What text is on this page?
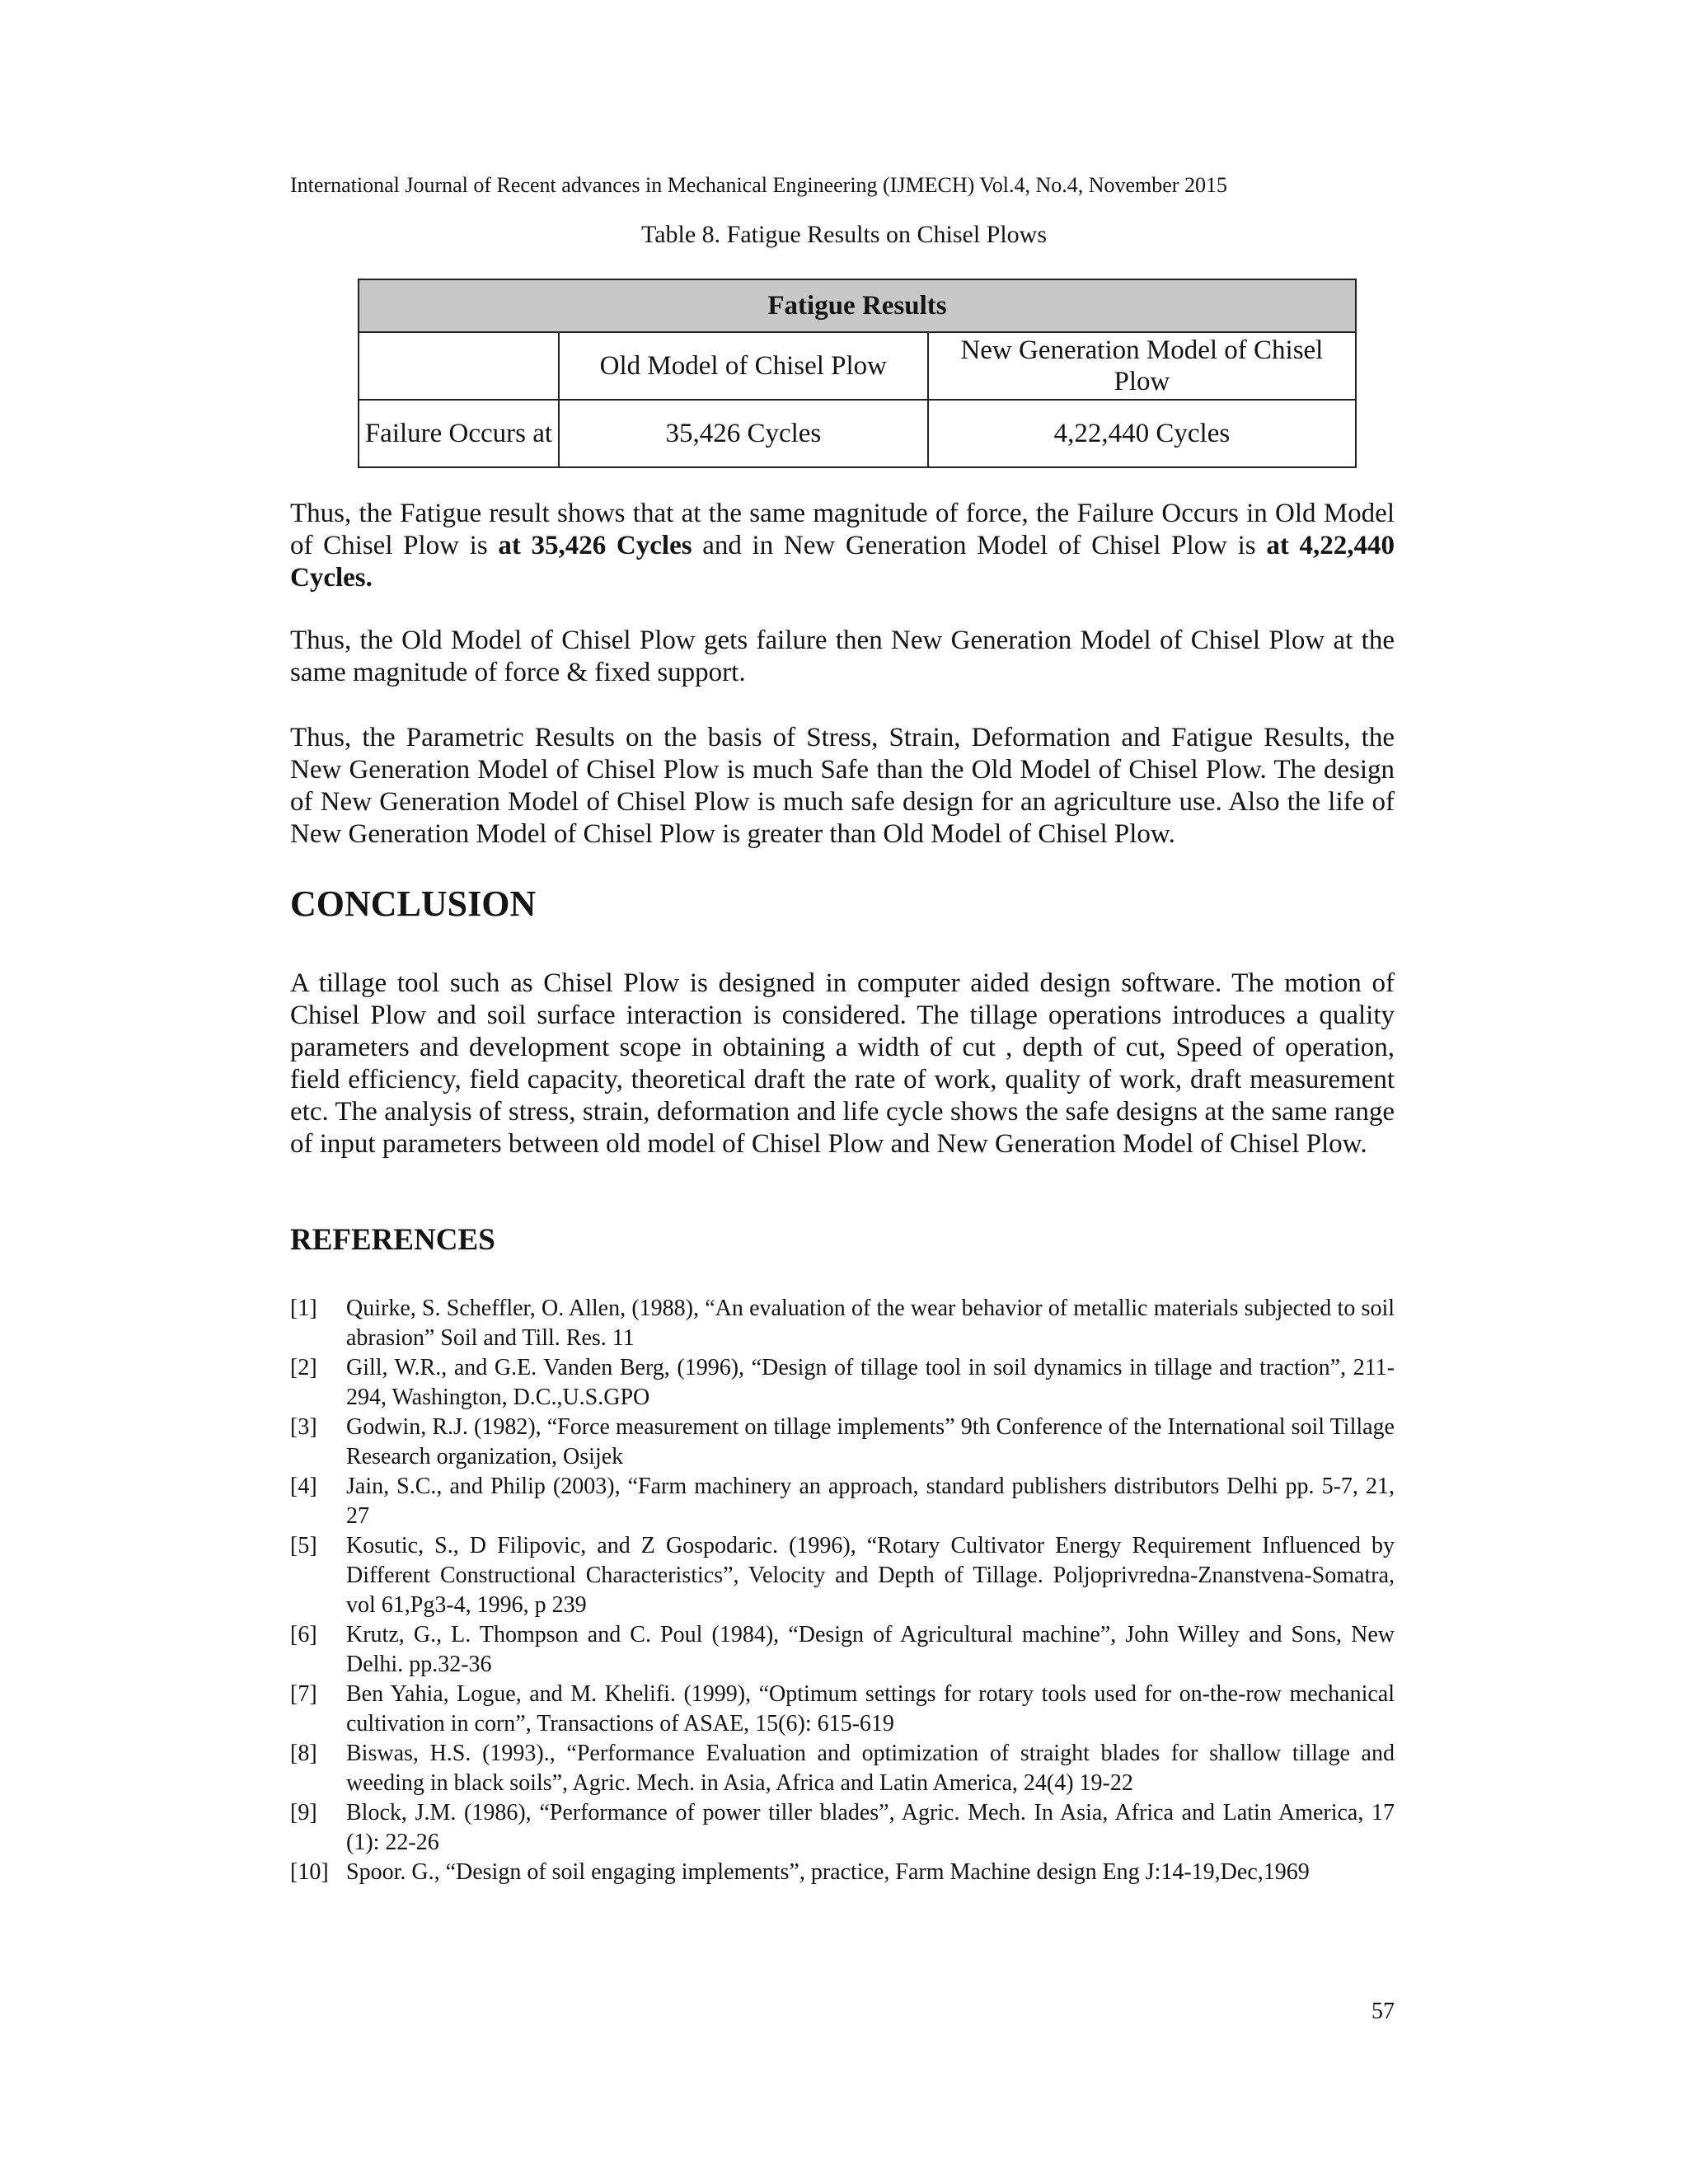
International Journal of Recent advances in Mechanical Engineering (IJMECH) Vol.4, No.4, November 2015
Table 8. Fatigue Results on Chisel Plows
Fatigue Results		
	Old Model of Chisel Plow	New Generation Model of Chisel Plow
Failure Occurs at	35,426 Cycles	4,22,440 Cycles

Thus, the Fatigue result shows that at the same magnitude of force, the Failure Occurs in Old Model of Chisel Plow is at 35,426 Cycles and in New Generation Model of Chisel Plow is at 4,22,440 Cycles.

Thus, the Old Model of Chisel Plow gets failure then New Generation Model of Chisel Plow at the same magnitude of force & fixed support.

Thus, the Parametric Results on the basis of Stress, Strain, Deformation and Fatigue Results, the New Generation Model of Chisel Plow is much Safe than the Old Model of Chisel Plow. The design of New Generation Model of Chisel Plow is much safe design for an agriculture use. Also the life of New Generation Model of Chisel Plow is greater than Old Model of Chisel Plow.

CONCLUSION

A tillage tool such as Chisel Plow is designed in computer aided design software. The motion of Chisel Plow and soil surface interaction is considered. The tillage operations introduces a quality parameters and development scope in obtaining a width of cut , depth of cut, Speed of operation, field efficiency, field capacity, theoretical draft the rate of work, quality of work, draft measurement etc. The analysis of stress, strain, deformation and life cycle shows the safe designs at the same range of input parameters between old model of Chisel Plow and New Generation Model of Chisel Plow.

REFERENCES
[1]	Quirke, S. Scheffler, O. Allen, (1988), “An evaluation of the wear behavior of metallic materials subjected to soil abrasion” Soil and Till. Res. 11
[2]	Gill, W.R., and G.E. Vanden Berg, (1996), “Design of tillage tool in soil dynamics in tillage and traction”, 211-294, Washington, D.C.,U.S.GPO
[3]	Godwin, R.J. (1982), “Force measurement on tillage implements” 9th Conference of the International soil Tillage Research organization, Osijek
[4]	Jain, S.C., and Philip (2003), “Farm machinery an approach, standard publishers distributors Delhi pp. 5-7, 21, 27
[5]	Kosutic, S., D Filipovic, and Z Gospodaric. (1996), “Rotary Cultivator Energy Requirement Influenced by Different Constructional Characteristics”, Velocity and Depth of Tillage. Poljoprivredna-Znanstvena-Somatra, vol 61,Pg3-4, 1996, p 239
[6]	Krutz, G., L. Thompson and C. Poul (1984), “Design of Agricultural machine”, John Willey and Sons, New Delhi. pp.32-36
[7]	Ben Yahia, Logue, and M. Khelifi. (1999), “Optimum settings for rotary tools used for on-the-row mechanical cultivation in corn”, Transactions of ASAE, 15(6): 615-619
[8]	Biswas, H.S. (1993)., “Performance Evaluation and optimization of straight blades for shallow tillage and weeding in black soils”, Agric. Mech. in Asia, Africa and Latin America, 24(4) 19-22
[9]	Block, J.M. (1986), “Performance of power tiller blades”, Agric. Mech. In Asia, Africa and Latin America, 17 (1): 22-26
[10] Spoor. G., “Design of soil engaging implements”, practice, Farm Machine design Eng J:14-19,Dec,1969
57
